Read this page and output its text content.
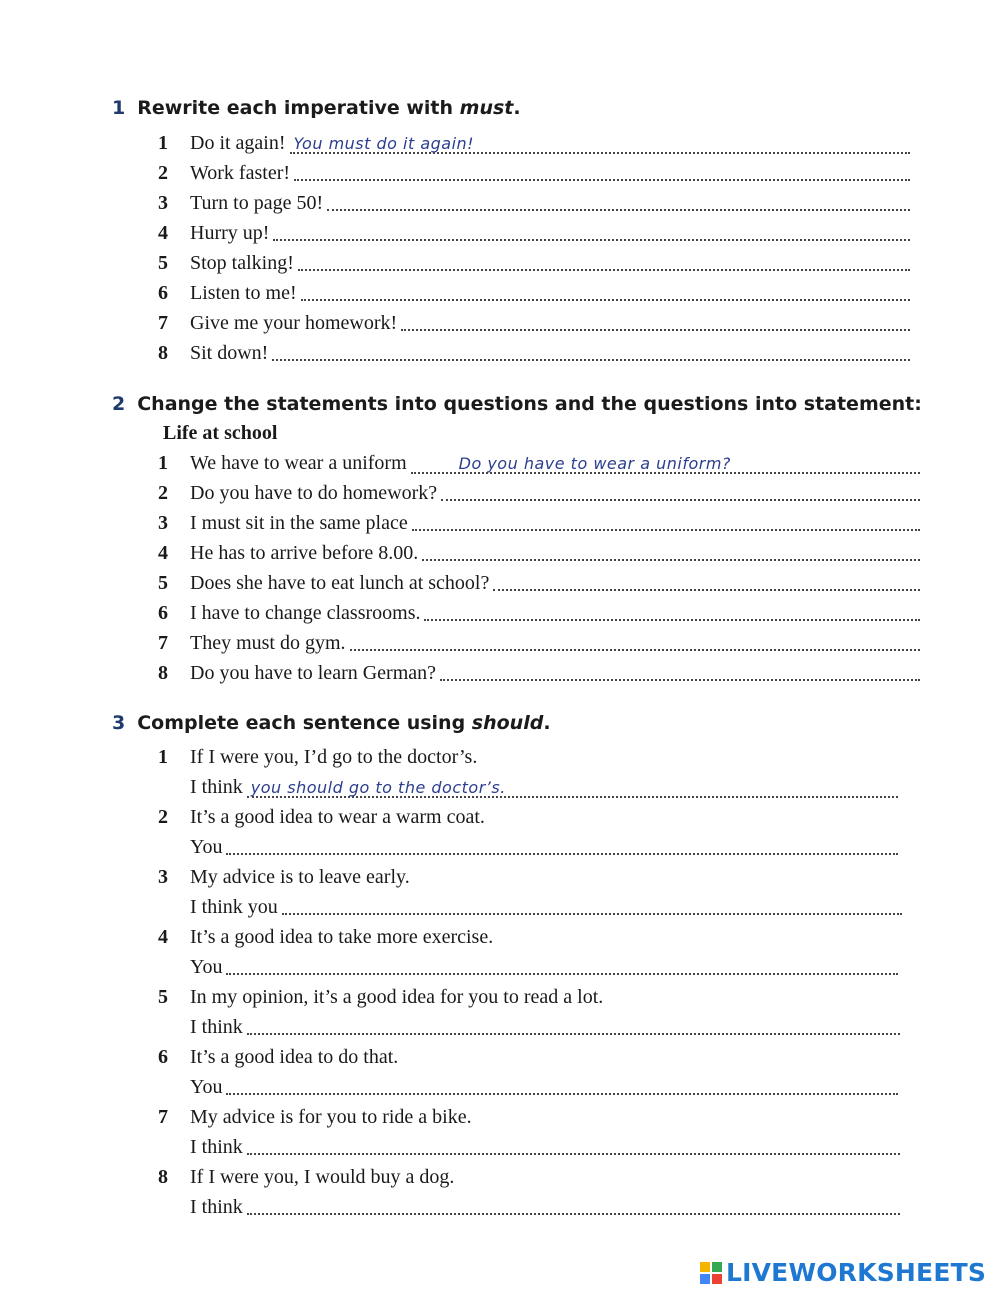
1 Rewrite each imperative with must.
1	Do it again! You must do it again!
2	Work faster!
3	Turn to page 50!
4	Hurry up!
5	Stop talking!
6	Listen to me!
7	Give me your homework!
8	Sit down!
2 Change the statements into questions and the questions into statement:
Life at school
1	We have to wear a uniform	Do you have to wear a uniform?
2	Do you have to do homework?
3	I must sit in the same place
4	He has to arrive before 8.00.
5	Does she have to eat lunch at school?
6	I have to change classrooms.
7	They must do gym.
8	Do you have to learn German?
3 Complete each sentence using should.
1	If I were you, I’d go to the doctor’s.
I think you should go to the doctor’s.
2	It’s a good idea to wear a warm coat.
You
3	My advice is to leave early.
I think you
4	It’s a good idea to take more exercise.
You
5	In my opinion, it’s a good idea for you to read a lot.
I think
6	It’s a good idea to do that.
You
7	My advice is for you to ride a bike.
I think
8	If I were you, I would buy a dog.
I think
LIVEWORKSHEETS
